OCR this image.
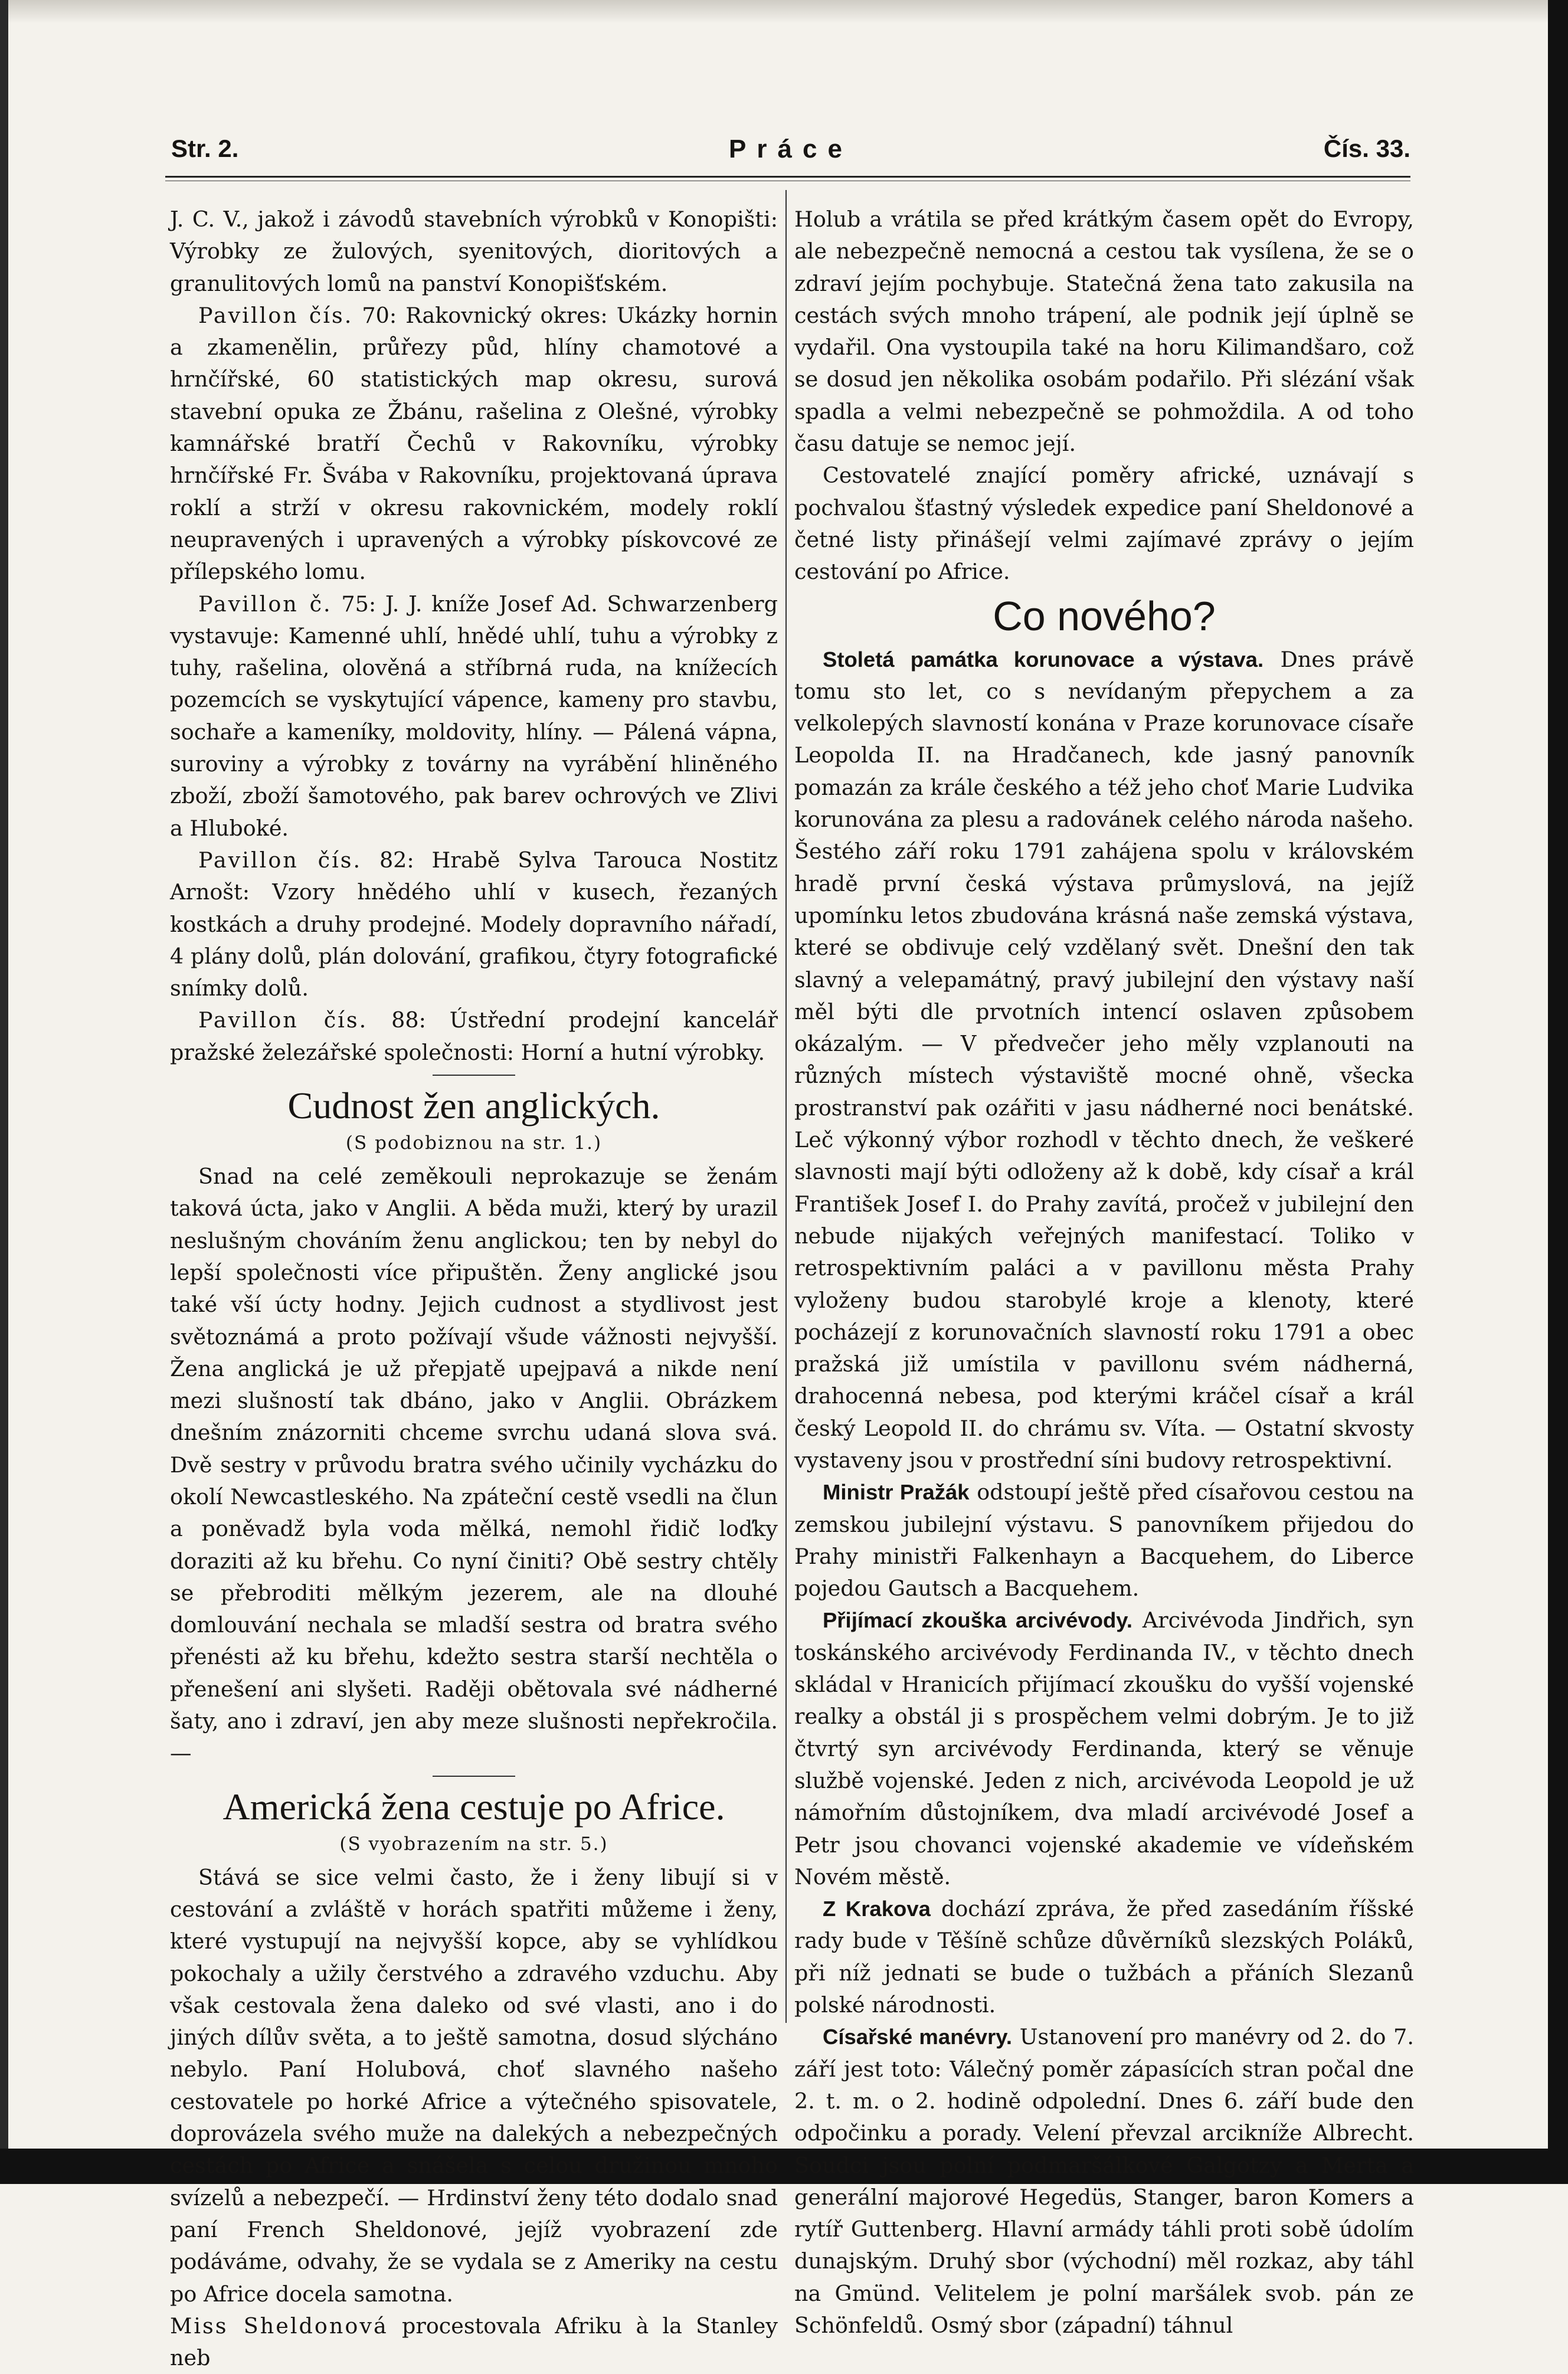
Str. 2.	Práce	Čís. 33.

J. C. V., jakož i závodů stavebních výrobků v Konopišti: Výrobky ze žulových, syenitových, dioritových a granulitových lomů na panství Konopišťském.

Pavillon čís. 70: Rakovnický okres: Ukázky hornin a zkamenělin, průřezy půd, hlíny chamotové a hrnčířské, 60 statistických map okresu, surová stavební opuka ze Žbánu, rašelina z Olešné, výrobky kamnářské bratří Čechů v Rakovníku, výrobky hrnčířské Fr. Švába v Rakovníku, projektovaná úprava roklí a strží v okresu rakovnickém, modely roklí neupravených i upravených a výrobky pískovcové ze přílepského lomu.

Pavillon č. 75: J. J. kníže Josef Ad. Schwarzenberg vystavuje: Kamenné uhlí, hnědé uhlí, tuhu a výrobky z tuhy, rašelina, olověná a stříbrná ruda, na knížecích pozemcích se vyskytující vápence, kameny pro stavbu, sochaře a kameníky, moldovity, hlíny. — Pálená vápna, suroviny a výrobky z továrny na vyrábění hliněného zboží, zboží šamotového, pak barev ochrových ve Zlivi a Hluboké.

Pavillon čís. 82: Hrabě Sylva Tarouca Nostitz Arnošt: Vzory hnědého uhlí v kusech, řezaných kostkách a druhy prodejné. Modely dopravního nářadí, 4 plány dolů, plán dolování, grafikou, čtyry fotografické snímky dolů.

Pavillon čís. 88: Ústřední prodejní kancelář pražské železářské společnosti: Horní a hutní výrobky.

Cudnost žen anglických.
(S podobiznou na str. 1.)

Snad na celé zeměkouli neprokazuje se ženám taková úcta, jako v Anglii. A běda muži, který by urazil neslušným chováním ženu anglickou; ten by nebyl do lepší společnosti více připuštěn. Ženy anglické jsou také vší úcty hodny. Jejich cudnost a stydlivost jest světoznámá a proto požívají všude vážnosti nejvyšší. Žena anglická je už přepjatě upejpavá a nikde není mezi slušností tak dbáno, jako v Anglii. Obrázkem dnešním znázorniti chceme svrchu udaná slova svá. Dvě sestry v průvodu bratra svého učinily vycházku do okolí Newcastleského. Na zpáteční cestě vsedli na člun a poněvadž byla voda mělká, nemohl řidič loďky doraziti až ku břehu. Co nyní činiti? Obě sestry chtěly se přebroditi mělkým jezerem, ale na dlouhé domlouvání nechala se mladší sestra od bratra svého přenésti až ku břehu, kdežto sestra starší nechtěla o přenešení ani slyšeti. Raději obětovala své nádherné šaty, ano i zdraví, jen aby meze slušnosti nepřekročila. —

Americká žena cestuje po Africe.
(S vyobrazením na str. 5.)

Stává se sice velmi často, že i ženy libují si v cestování a zvláště v horách spatřiti můžeme i ženy, které vystupují na nejvyšší kopce, aby se vyhlídkou pokochaly a užily čerstvého a zdravého vzduchu. Aby však cestovala žena daleko od své vlasti, ano i do jiných dílův světa, a to ještě samotna, dosud slýcháno nebylo. Paní Holubová, choť slavného našeho cestovatele po horké Africe a výtečného spisovatele, doprovázela svého muže na dalekých a nebezpečných cestách po Africe a snášela s celou družinou mnoho svízelů a nebezpečí. — Hrdinství ženy této dodalo snad paní French Sheldonové, jejíž vyobrazení zde podáváme, odvahy, že se vydala se z Ameriky na cestu po Africe docela samotna.

Miss Sheldonová procestovala Afriku à la Stanley neb

Holub a vrátila se před krátkým časem opět do Evropy, ale nebezpečně nemocná a cestou tak vysílena, že se o zdraví jejím pochybuje. Statečná žena tato zakusila na cestách svých mnoho trápení, ale podnik její úplně se vydařil. Ona vystoupila také na horu Kilimandšaro, což se dosud jen několika osobám podařilo. Při slézání však spadla a velmi nebezpečně se pohmoždila. A od toho času datuje se nemoc její.

Cestovatelé znající poměry africké, uznávají s pochvalou šťastný výsledek expedice paní Sheldonové a četné listy přinášejí velmi zajímavé zprávy o jejím cestování po Africe.

Co nového?

Stoletá památka korunovace a výstava. Dnes právě tomu sto let, co s nevídaným přepychem a za velkolepých slavností konána v Praze korunovace císaře Leopolda II. na Hradčanech, kde jasný panovník pomazán za krále českého a též jeho choť Marie Ludvika korunována za plesu a radovánek celého národa našeho. Šestého září roku 1791 zahájena spolu v královském hradě první česká výstava průmyslová, na jejíž upomínku letos zbudována krásná naše zemská výstava, které se obdivuje celý vzdělaný svět. Dnešní den tak slavný a velepamátný, pravý jubilejní den výstavy naší měl býti dle prvotních intencí oslaven způsobem okázalým. — V předvečer jeho měly vzplanouti na různých místech výstaviště mocné ohně, všecka prostranství pak ozářiti v jasu nádherné noci benátské. Leč výkonný výbor rozhodl v těchto dnech, že veškeré slavnosti mají býti odloženy až k době, kdy císař a král František Josef I. do Prahy zavítá, pročež v jubilejní den nebude nijakých veřejných manifestací. Toliko v retrospektivním paláci a v pavillonu města Prahy vyloženy budou starobylé kroje a klenoty, které pocházejí z korunovačních slavností roku 1791 a obec pražská již umístila v pavillonu svém nádherná, drahocenná nebesa, pod kterými kráčel císař a král český Leopold II. do chrámu sv. Víta. — Ostatní skvosty vystaveny jsou v prostřední síni budovy retrospektivní.

Ministr Pražák odstoupí ještě před císařovou cestou na zemskou jubilejní výstavu. S panovníkem přijedou do Prahy ministři Falkenhayn a Bacquehem, do Liberce pojedou Gautsch a Bacquehem.

Přijímací zkouška arcivévody. Arcivévoda Jindřich, syn toskánského arcivévody Ferdinanda IV., v těchto dnech skládal v Hranicích přijímací zkoušku do vyšší vojenské realky a obstál ji s prospěchem velmi dobrým. Je to již čtvrtý syn arcivévody Ferdinanda, který se věnuje službě vojenské. Jeden z nich, arcivévoda Leopold je už námořním důstojníkem, dva mladí arcivévodé Josef a Petr jsou chovanci vojenské akademie ve vídeňském Novém městě.

Z Krakova dochází zpráva, že před zasedáním říšské rady bude v Těšíně schůze důvěrníků slezských Poláků, při níž jednati se bude o tužbách a přáních Slezanů polské národnosti.

Císařské manévry. Ustanovení pro manévry od 2. do 7. září jest toto: Válečný poměr zápasících stran počal dne 2. t. m. o 2. hodině odpolední. Dnes 6. září bude den odpočinku a porady. Velení převzal arcikníže Albrecht. Soudci jsou polní podmaršálkové Galgotzy a Merta a generální majorové Hegedüs, Stanger, baron Komers a rytíř Guttenberg. Hlavní armády táhli proti sobě údolím dunajským. Druhý sbor (východní) měl rozkaz, aby táhl na Gmünd. Velitelem je polní maršálek svob. pán ze Schönfeldů. Osmý sbor (západní) táhnul
